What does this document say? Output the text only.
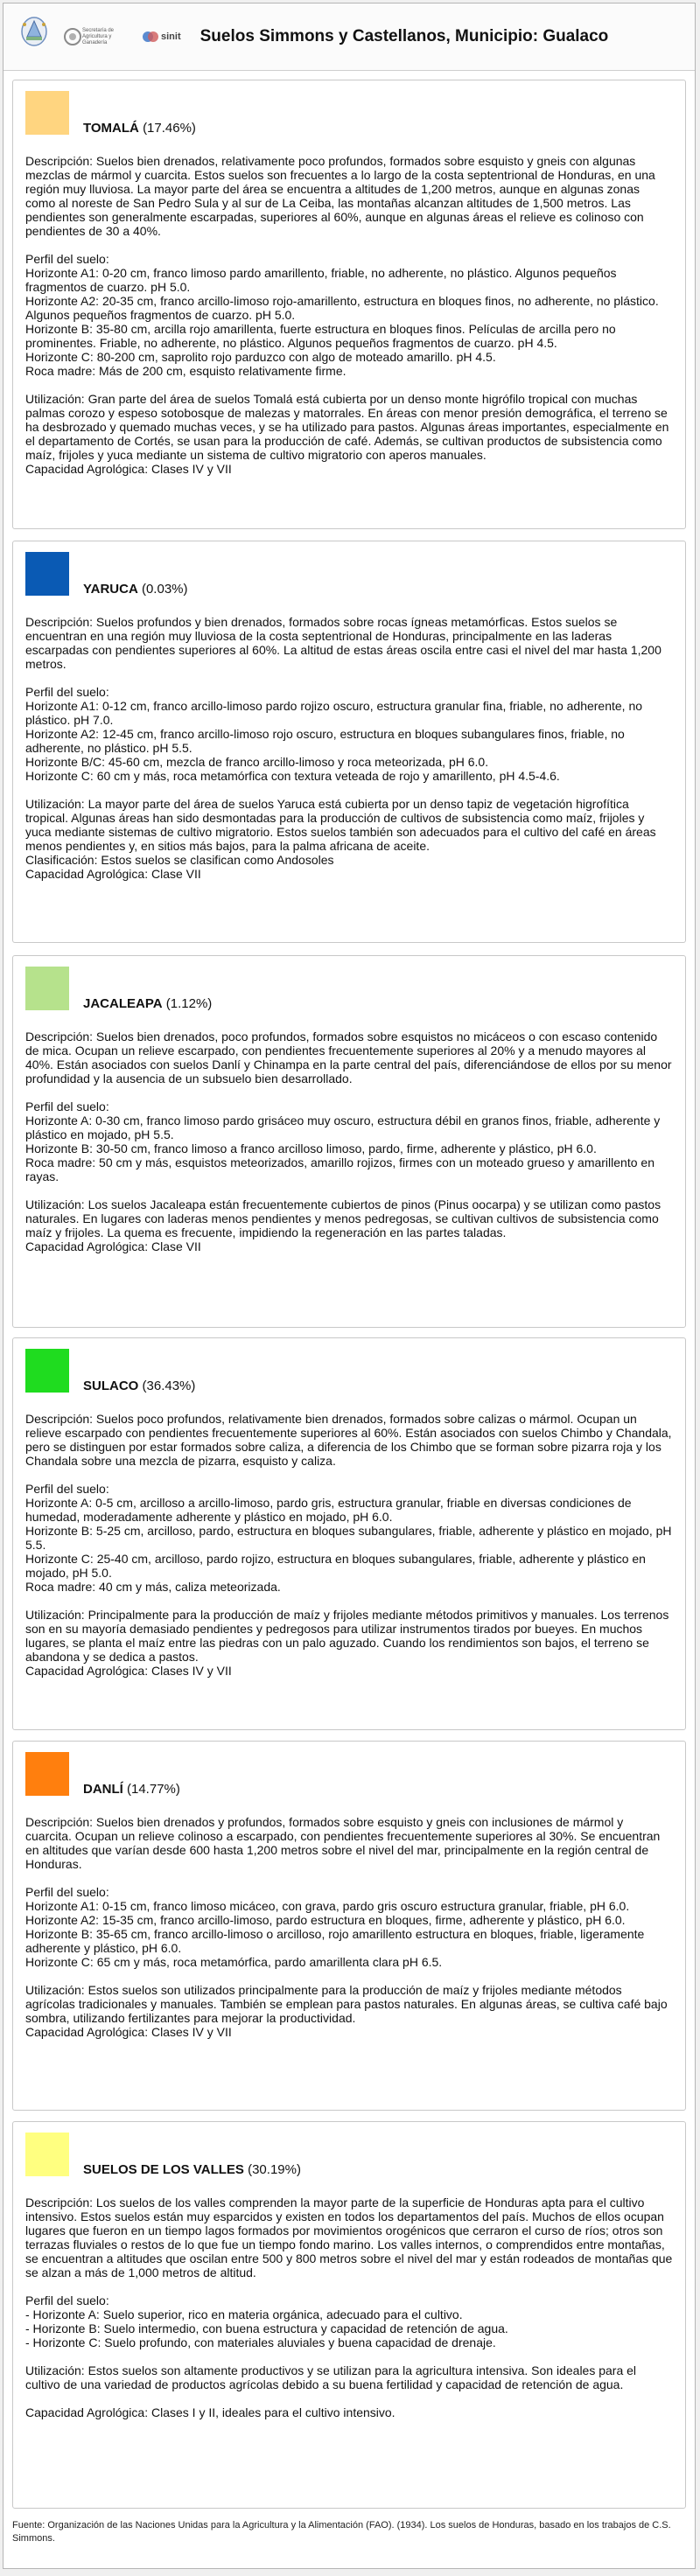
Secretaría de Agricultura y Ganadería
sinit Suelos Simmons y Castellanos, Municipio: Gualaco
TOMALÁ (17.46%)

Descripción: Suelos bien drenados, relativamente poco profundos, formados sobre esquisto y gneis con algunas mezclas de mármol y cuarcita. Estos suelos son frecuentes a lo largo de la costa septentrional de Honduras, en una región muy lluviosa. La mayor parte del área se encuentra a altitudes de 1,200 metros, aunque en algunas zonas como al noreste de San Pedro Sula y al sur de La Ceiba, las montañas alcanzan altitudes de 1,500 metros. Las pendientes son generalmente escarpadas, superiores al 60%, aunque en algunas áreas el relieve es colinoso con pendientes de 30 a 40%.

Perfil del suelo:

Horizonte A1: 0-20 cm, franco limoso pardo amarillento, friable, no adherente, no plástico. Algunos pequeños fragmentos de cuarzo. pH 5.0.

Horizonte A2: 20-35 cm, franco arcillo-limoso rojo-amarillento, estructura en bloques finos, no adherente, no plástico. Algunos pequeños fragmentos de cuarzo. pH 5.0.

Horizonte B: 35-80 cm, arcilla rojo amarillenta, fuerte estructura en bloques finos. Películas de arcilla pero no prominentes. Friable, no adherente, no plástico. Algunos pequeños fragmentos de cuarzo. pH 4.5.

Horizonte C: 80-200 cm, saprolito rojo parduzco con algo de moteado amarillo. pH 4.5.

Roca madre: Más de 200 cm, esquisto relativamente firme.

Utilización: Gran parte del área de suelos Tomalá está cubierta por un denso monte higrófilo tropical con muchas palmas corozo y espeso sotobosque de malezas y matorrales. En áreas con menor presión demográfica, el terreno se ha desbrozado y quemado muchas veces, y se ha utilizado para pastos. Algunas áreas importantes, especialmente en el departamento de Cortés, se usan para la producción de café. Además, se cultivan productos de subsistencia como maíz, frijoles y yuca mediante un sistema de cultivo migratorio con aperos manuales.

Capacidad Agrológica: Clases IV y VII

YARUCA (0.03%)

Descripción: Suelos profundos y bien drenados, formados sobre rocas ígneas metamórficas. Estos suelos se encuentran en una región muy lluviosa de la costa septentrional de Honduras, principalmente en las laderas escarpadas con pendientes superiores al 60%. La altitud de estas áreas oscila entre casi el nivel del mar hasta 1,200 metros.

Perfil del suelo:

Horizonte A1: 0-12 cm, franco arcillo-limoso pardo rojizo oscuro, estructura granular fina, friable, no adherente, no plástico. pH 7.0.

Horizonte A2: 12-45 cm, franco arcillo-limoso rojo oscuro, estructura en bloques subangulares finos, friable, no adherente, no plástico. pH 5.5.

Horizonte B/C: 45-60 cm, mezcla de franco arcillo-limoso y roca meteorizada, pH 6.0.

Horizonte C: 60 cm y más, roca metamórfica con textura veteada de rojo y amarillento, pH 4.5-4.6.

Utilización: La mayor parte del área de suelos Yaruca está cubierta por un denso tapiz de vegetación higrofítica tropical. Algunas áreas han sido desmontadas para la producción de cultivos de subsistencia como maíz, frijoles y yuca mediante sistemas de cultivo migratorio. Estos suelos también son adecuados para el cultivo del café en áreas menos pendientes y, en sitios más bajos, para la palma africana de aceite.

Clasificación: Estos suelos se clasifican como Andosoles

Capacidad Agrológica: Clase VII

JACALEAPA (1.12%)

Descripción: Suelos bien drenados, poco profundos, formados sobre esquistos no micáceos o con escaso contenido de mica. Ocupan un relieve escarpado, con pendientes frecuentemente superiores al 20% y a menudo mayores al 40%. Están asociados con suelos Danlí y Chinampa en la parte central del país, diferenciándose de ellos por su menor profundidad y la ausencia de un subsuelo bien desarrollado.

Perfil del suelo:

Horizonte A: 0-30 cm, franco limoso pardo grisáceo muy oscuro, estructura débil en granos finos, friable, adherente y plástico en mojado, pH 5.5.

Horizonte B: 30-50 cm, franco limoso a franco arcilloso limoso, pardo, firme, adherente y plástico, pH 6.0.

Roca madre: 50 cm y más, esquistos meteorizados, amarillo rojizos, firmes con un moteado grueso y amarillento en rayas.

Utilización: Los suelos Jacaleapa están frecuentemente cubiertos de pinos (Pinus oocarpa) y se utilizan como pastos naturales. En lugares con laderas menos pendientes y menos pedregosas, se cultivan cultivos de subsistencia como maíz y frijoles. La quema es frecuente, impidiendo la regeneración en las partes taladas.

Capacidad Agrológica: Clase VII

SULACO (36.43%)

Descripción: Suelos poco profundos, relativamente bien drenados, formados sobre calizas o mármol. Ocupan un relieve escarpado con pendientes frecuentemente superiores al 60%. Están asociados con suelos Chimbo y Chandala, pero se distinguen por estar formados sobre caliza, a diferencia de los Chimbo que se forman sobre pizarra roja y los Chandala sobre una mezcla de pizarra, esquisto y caliza.

Perfil del suelo:

Horizonte A: 0-5 cm, arcilloso a arcillo-limoso, pardo gris, estructura granular, friable en diversas condiciones de humedad, moderadamente adherente y plástico en mojado, pH 6.0.

Horizonte B: 5-25 cm, arcilloso, pardo, estructura en bloques subangulares, friable, adherente y plástico en mojado, pH 5.5.

Horizonte C: 25-40 cm, arcilloso, pardo rojizo, estructura en bloques subangulares, friable, adherente y plástico en mojado, pH 5.0.

Roca madre: 40 cm y más, caliza meteorizada.

Utilización: Principalmente para la producción de maíz y frijoles mediante métodos primitivos y manuales. Los terrenos son en su mayoría demasiado pendientes y pedregosos para utilizar instrumentos tirados por bueyes. En muchos lugares, se planta el maíz entre las piedras con un palo aguzado. Cuando los rendimientos son bajos, el terreno se abandona y se dedica a pastos.

Capacidad Agrológica: Clases IV y VII

DANLÍ (14.77%)

Descripción: Suelos bien drenados y profundos, formados sobre esquisto y gneis con inclusiones de mármol y cuarcita. Ocupan un relieve colinoso a escarpado, con pendientes frecuentemente superiores al 30%. Se encuentran en altitudes que varían desde 600 hasta 1,200 metros sobre el nivel del mar, principalmente en la región central de Honduras.

Perfil del suelo:

Horizonte A1: 0-15 cm, franco limoso micáceo, con grava, pardo gris oscuro estructura granular, friable, pH 6.0.

Horizonte A2: 15-35 cm, franco arcillo-limoso, pardo estructura en bloques, firme, adherente y plástico, pH 6.0.

Horizonte B: 35-65 cm, franco arcillo-limoso o arcilloso, rojo amarillento estructura en bloques, friable, ligeramente adherente y plástico, pH 6.0.

Horizonte C: 65 cm y más, roca metamórfica, pardo amarillenta clara pH 6.5.

Utilización: Estos suelos son utilizados principalmente para la producción de maíz y frijoles mediante métodos agrícolas tradicionales y manuales. También se emplean para pastos naturales. En algunas áreas, se cultiva café bajo sombra, utilizando fertilizantes para mejorar la productividad.

Capacidad Agrológica: Clases IV y VII

SUELOS DE LOS VALLES (30.19%)

Descripción: Los suelos de los valles comprenden la mayor parte de la superficie de Honduras apta para el cultivo intensivo. Estos suelos están muy esparcidos y existen en todos los departamentos del país. Muchos de ellos ocupan lugares que fueron en un tiempo lagos formados por movimientos orogénicos que cerraron el curso de ríos; otros son terrazas fluviales o restos de lo que fue un tiempo fondo marino. Los valles internos, o comprendidos entre montañas, se encuentran a altitudes que oscilan entre 500 y 800 metros sobre el nivel del mar y están rodeados de montañas que se alzan a más de 1,000 metros de altitud.

Perfil del suelo:

- Horizonte A: Suelo superior, rico en materia orgánica, adecuado para el cultivo.

- Horizonte B: Suelo intermedio, con buena estructura y capacidad de retención de agua.

- Horizonte C: Suelo profundo, con materiales aluviales y buena capacidad de drenaje.

Utilización: Estos suelos son altamente productivos y se utilizan para la agricultura intensiva. Son ideales para el cultivo de una variedad de productos agrícolas debido a su buena fertilidad y capacidad de retención de agua.

Capacidad Agrológica: Clases I y II, ideales para el cultivo intensivo.

Fuente: Organización de las Naciones Unidas para la Agricultura y la Alimentación (FAO). (1934). Los suelos de Honduras, basado en los trabajos de C.S. Simmons.
